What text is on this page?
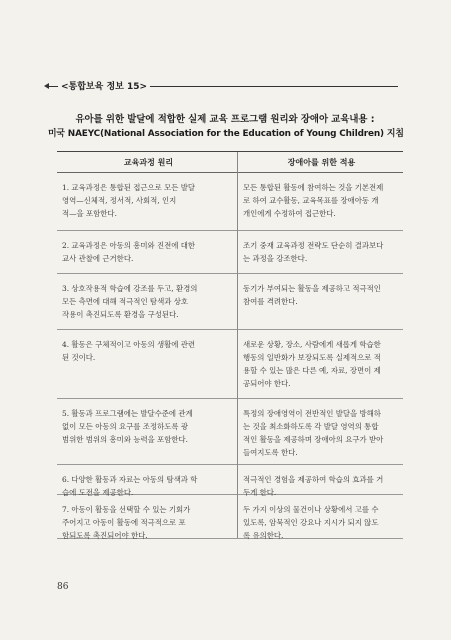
<통합보육 정보 15>
유아를 위한 발달에 적합한 실제 교육 프로그램 원리와 장애아 교육내용 :
미국 NAEYC(National Association for the Education of Young Children) 지침
교육과정 원리	장애아를 위한 적용
1. 교육과정은 통합된 접근으로 모든 발달
영역—신체적, 정서적, 사회적, 인지
적—을 포함한다.
모든 통합된 활동에 참여하는 것을 기본전제
로 하여 교수활동, 교육목표를 장애아동 개
개인에게 수정하여 접근한다.
2. 교육과정은 아동의 흥미와 진전에 대한
교사 관찰에 근거한다.
조기 중재 교육과정 전략도 단순히 결과보다
는 과정을 강조한다.
3. 상호작용적 학습에 강조를 두고, 환경의
모든 측면에 대해 적극적인 탐색과 상호
작용이 촉진되도록 환경을 구성된다.
동기가 부여되는 활동을 제공하고 적극적인
참여를 격려한다.
4. 활동은 구체적이고 아동의 생활에 관련
된 것이다.
새로운 상황, 장소, 사람에게 새롭게 학습한
행동의 일반화가 보장되도록 실제적으로 적
용할 수 있는 많은 다른 예, 자료, 장면이 제
공되어야 한다.
5. 활동과 프로그램에는 발달수준에 관계
없이 모든 아동의 요구를 조정하도록 광
범위한 범위의 흥미와 능력을 포함한다.
특정의 장애영역이 전반적인 발달을 방해하
는 것을 최소화하도록 각 발달 영역의 통합
적인 활동을 제공하며 장애아의 요구가 받아
들여지도록 한다.
6. 다양한 활동과 자료는 아동의 탐색과 학
습에 도전을 제공한다.
적극적인 경험을 제공하여 학습의 효과를 거
두게 한다.
7. 아동이 활동을 선택할 수 있는 기회가
주어지고 아동이 활동에 적극적으로 포
함되도록 촉진되어야 한다.
두 가지 이상의 물건이나 상황에서 고를 수
있도록, 암묵적인 강요나 지시가 되지 않도
록 유의한다.
86
